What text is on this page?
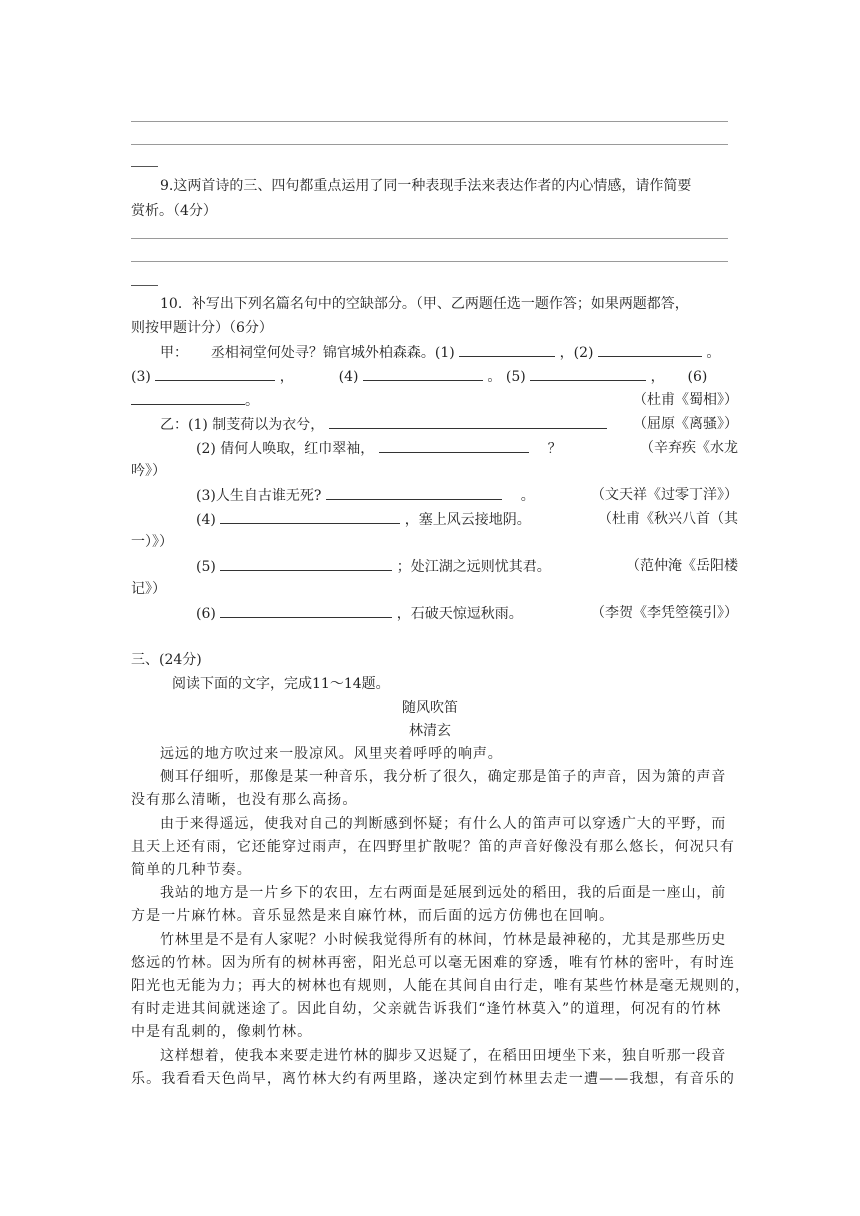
9.这两首诗的三、四句都重点运用了同一种表现手法来表达作者的内心情感，请作简要
赏析。（4分）
10．补写出下列名篇名句中的空缺部分。（甲、乙两题任选一题作答；如果两题都答，
则按甲题计分）（6分）
甲： 丞相祠堂何处寻？锦官城外柏森森。(1)	，(2)	。
(3)	，	(4)	。 (5)	， (6)
。	（杜甫《蜀相》）
乙：(1) 制芰荷以为衣兮，	（屈原《离骚》）
(2) 倩何人唤取，红巾翠袖，	？	（辛弃疾《水龙
吟》）
(3)人生自古谁无死?	。	（文天祥《过零丁洋》）
(4)	，塞上风云接地阴。	（杜甫《秋兴八首（其
一）》）
(5)	；处江湖之远则忧其君。	（范仲淹《岳阳楼
记》）
(6)	，石破天惊逗秋雨。	（李贺《李凭箜篌引》）
三、(24分)
阅读下面的文字，完成11～14题。
随风吹笛
林清玄
远远的地方吹过来一股凉风。风里夹着呼呼的响声。
侧耳仔细听，那像是某一种音乐，我分析了很久，确定那是笛子的声音，因为箫的声音
没有那么清晰，也没有那么高扬。
由于来得遥远，使我对自己的判断感到怀疑；有什么人的笛声可以穿透广大的平野，而
且天上还有雨，它还能穿过雨声，在四野里扩散呢？笛的声音好像没有那么悠长，何况只有
简单的几种节奏。
我站的地方是一片乡下的农田，左右两面是延展到远处的稻田，我的后面是一座山，前
方是一片麻竹林。音乐显然是来自麻竹林，而后面的远方仿佛也在回响。
竹林里是不是有人家呢？小时候我觉得所有的林间，竹林是最神秘的，尤其是那些历史
悠远的竹林。因为所有的树林再密，阳光总可以毫无困难的穿透，唯有竹林的密叶，有时连
阳光也无能为力；再大的树林也有规则，人能在其间自由行走，唯有某些竹林是毫无规则的，
有时走进其间就迷途了。因此自幼，父亲就告诉我们“逢竹林莫入”的道理，何况有的竹林
中是有乱刺的，像刺竹林。
这样想着，使我本来要走进竹林的脚步又迟疑了，在稻田田埂坐下来，独自听那一段音
乐。我看看天色尚早，离竹林大约有两里路，遂决定到竹林里去走一遭——我想，有音乐的
